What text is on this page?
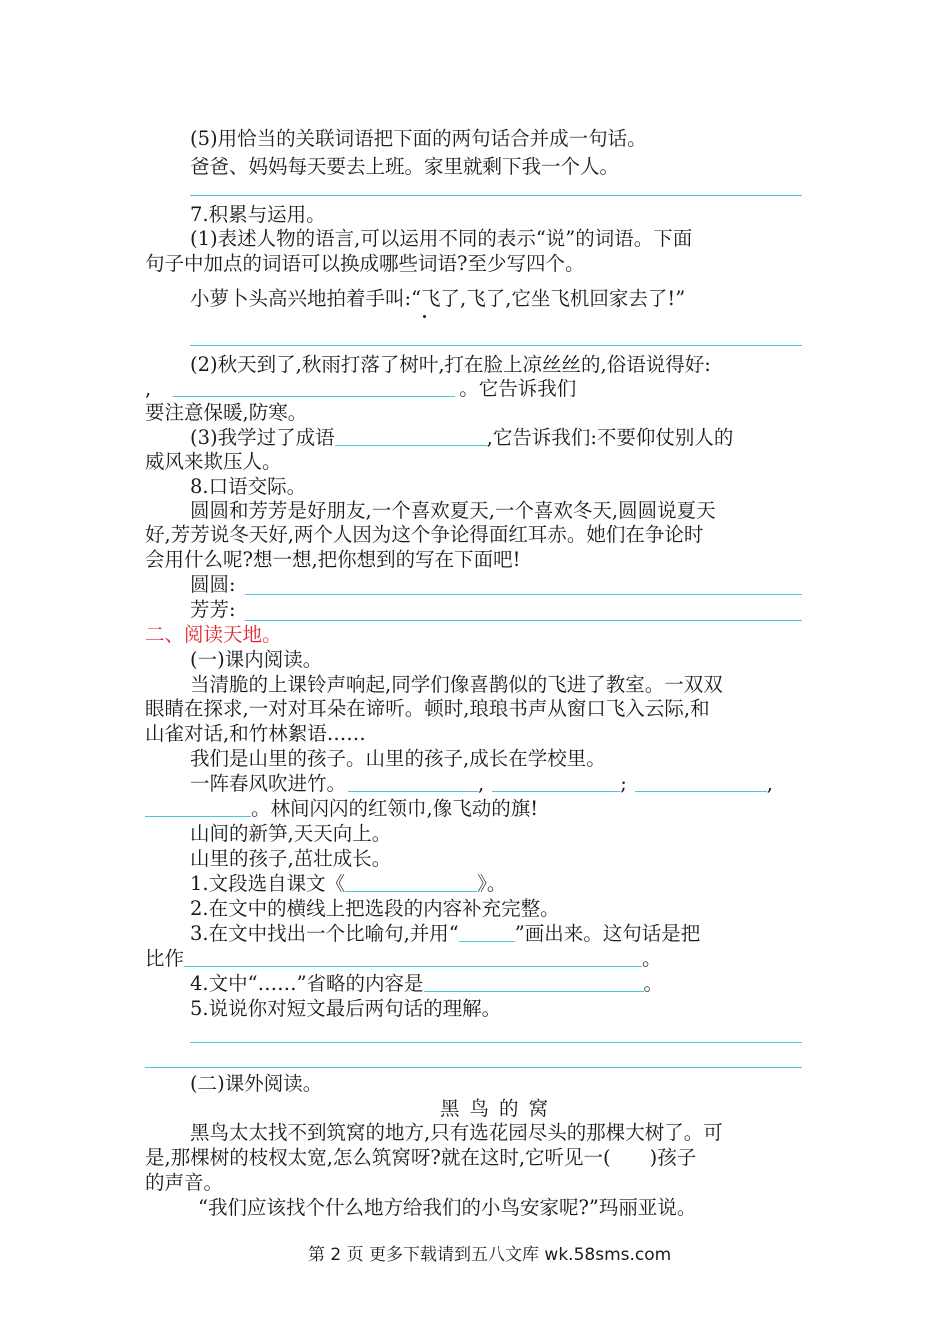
(5)用恰当的关联词语把下面的两句话合并成一句话。
爸爸、妈妈每天要去上班。家里就剩下我一个人。
7.积累与运用。
(1)表述人物的语言,可以运用不同的表示“说”的词语。下面
句子中加点的词语可以换成哪些词语?至少写四个。
小萝卜头高兴地拍着手叫:“飞了,飞了,它坐飞机回家去了!”
(2)秋天到了,秋雨打落了树叶,打在脸上凉丝丝的,俗语说得好:
,	。它告诉我们
要注意保暖,防寒。
(3)我学过了成语	,它告诉我们:不要仰仗别人的
威风来欺压人。
8.口语交际。
圆圆和芳芳是好朋友,一个喜欢夏天,一个喜欢冬天,圆圆说夏天
好,芳芳说冬天好,两个人因为这个争论得面红耳赤。她们在争论时
会用什么呢?想一想,把你想到的写在下面吧!
圆圆:
芳芳:
二、阅读天地。
(一)课内阅读。
当清脆的上课铃声响起,同学们像喜鹊似的飞进了教室。一双双
眼睛在探求,一对对耳朵在谛听。顿时,琅琅书声从窗口飞入云际,和
山雀对话,和竹林絮语……
我们是山里的孩子。山里的孩子,成长在学校里。
一阵春风吹进竹。	,	;	,
。林间闪闪的红领巾,像飞动的旗!
山间的新笋,天天向上。
山里的孩子,茁壮成长。
1.文段选自课文《	》。
2.在文中的横线上把选段的内容补充完整。
3.在文中找出一个比喻句,并用“	”画出来。这句话是把
比作	。
4.文中“……”省略的内容是	。
5.说说你对短文最后两句话的理解。
(二)课外阅读。
黑鸟的窝
黑鸟太太找不到筑窝的地方,只有选花园尽头的那棵大树了。可
是,那棵树的枝杈太宽,怎么筑窝呀?就在这时,它听见一(　　)孩子
的声音。
“我们应该找个什么地方给我们的小鸟安家呢?”玛丽亚说。
第 2 页 更多下载请到五八文库 wk.58sms.com
